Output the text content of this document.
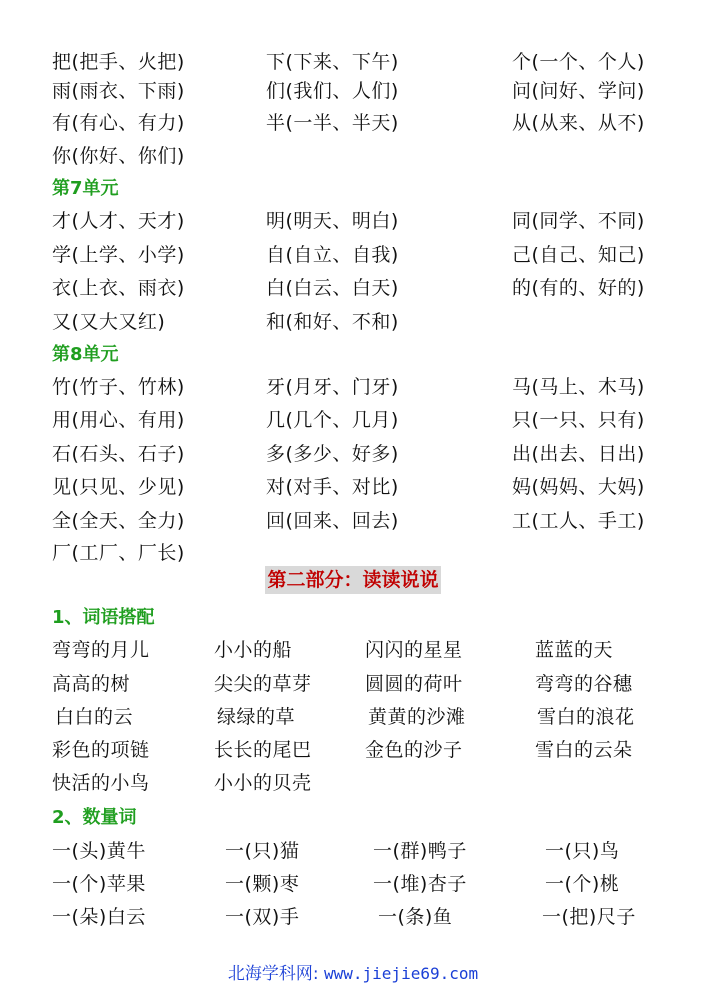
把(把手、火把)	下(下来、下午)	个(一个、个人)
雨(雨衣、下雨)	们(我们、人们)	问(问好、学问)
有(有心、有力)	半(一半、半天)	从(从来、从不)
你(你好、你们)
第7单元
才(人才、天才)	明(明天、明白)	同(同学、不同)
学(上学、小学)	自(自立、自我)	己(自己、知己)
衣(上衣、雨衣)	白(白云、白天)	的(有的、好的)
又(又大又红)	和(和好、不和)
第8单元
竹(竹子、竹林)	牙(月牙、门牙)	马(马上、木马)
用(用心、有用)	几(几个、几月)	只(一只、只有)
石(石头、石子)	多(多少、好多)	出(出去、日出)
见(只见、少见)	对(对手、对比)	妈(妈妈、大妈)
全(全天、全力)	回(回来、回去)	工(工人、手工)
厂(工厂、厂长)
第二部分：读读说说
1、词语搭配
弯弯的月儿	小小的船	闪闪的星星	蓝蓝的天
高高的树	尖尖的草芽	圆圆的荷叶	弯弯的谷穗
白白的云	绿绿的草	黄黄的沙滩	雪白的浪花
彩色的项链	长长的尾巴	金色的沙子	雪白的云朵
快活的小鸟	小小的贝壳
2、数量词
一(头)黄牛	一(只)猫	一(群)鸭子	一(只)鸟
一(个)苹果	一(颗)枣	一(堆)杏子	一(个)桃
一(朵)白云	一(双)手	一(条)鱼	一(把)尺子
北海学科网: www.jiejie69.com
